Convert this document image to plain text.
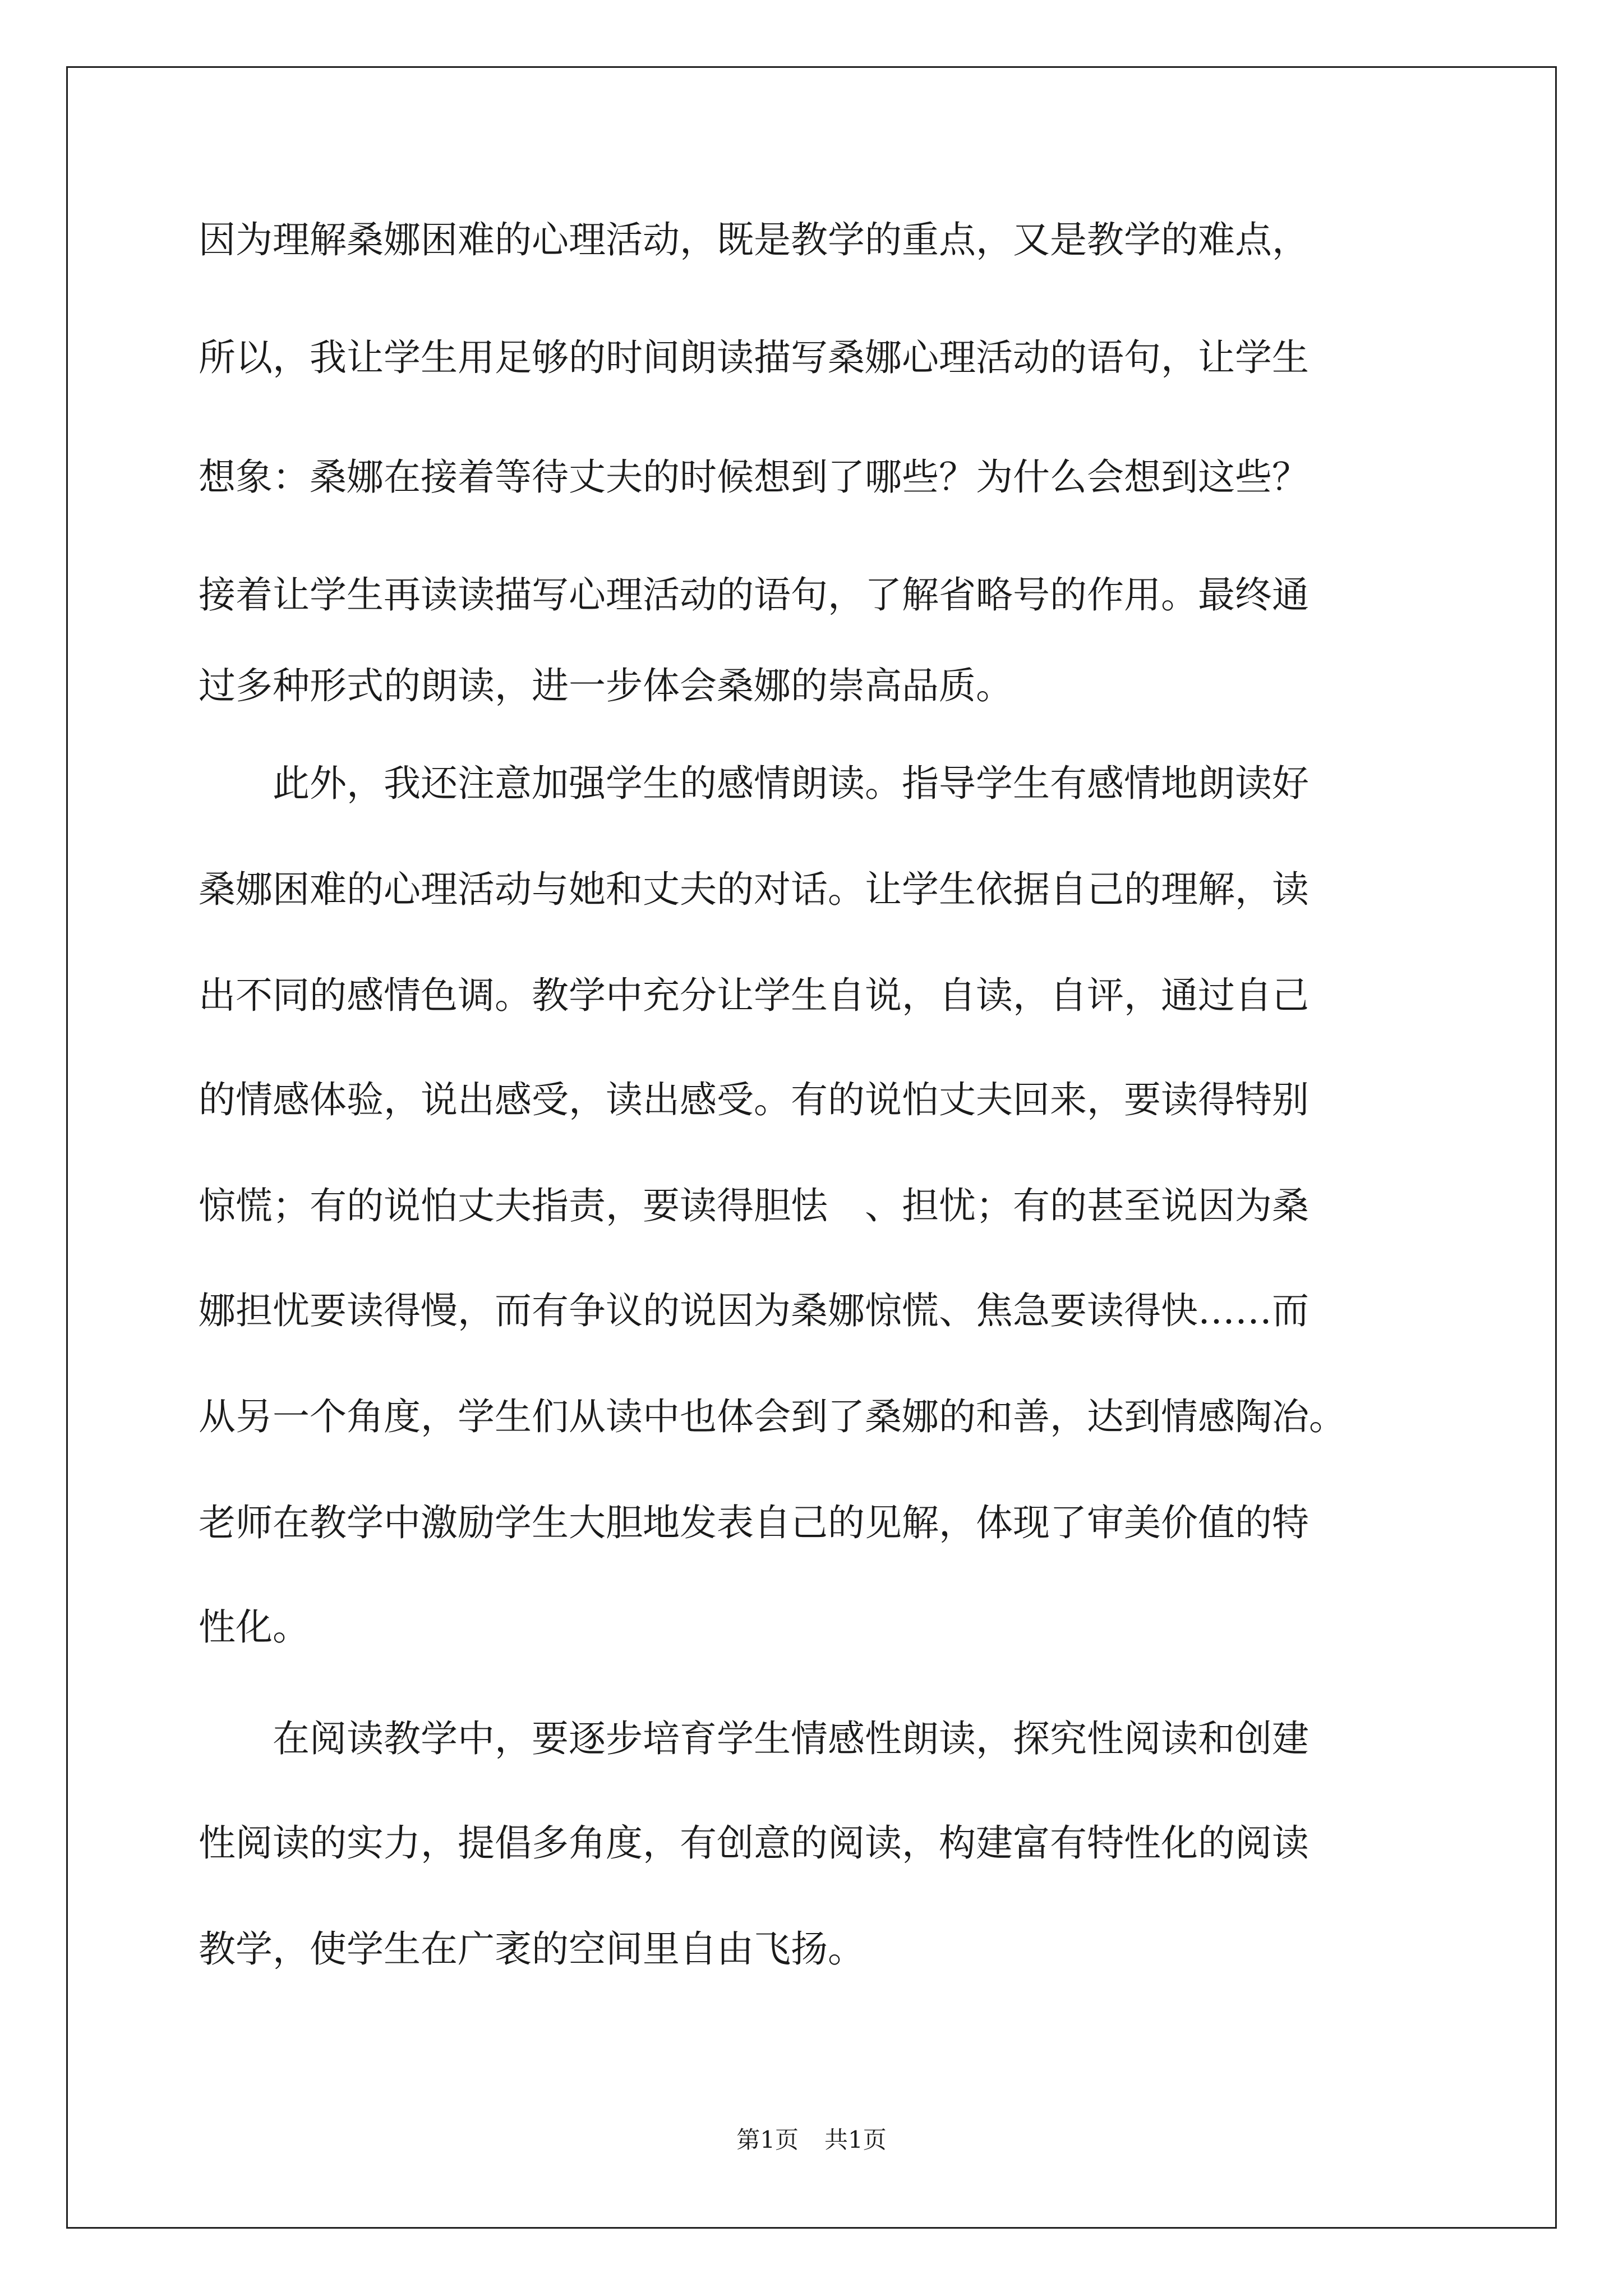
因为理解桑娜困难的心理活动，既是教学的重点，又是教学的难点，
所以，我让学生用足够的时间朗读描写桑娜心理活动的语句，让学生
想象：桑娜在接着等待丈夫的时候想到了哪些？为什么会想到这些？
接着让学生再读读描写心理活动的语句，了解省略号的作用。最终通
过多种形式的朗读，进一步体会桑娜的崇高品质。
　　此外，我还注意加强学生的感情朗读。指导学生有感情地朗读好
桑娜困难的心理活动与她和丈夫的对话。让学生依据自己的理解，读
出不同的感情色调。教学中充分让学生自说，自读，自评，通过自己
的情感体验，说出感受，读出感受。有的说怕丈夫回来，要读得特别
惊慌；有的说怕丈夫指责，要读得胆怯　、担忧；有的甚至说因为桑
娜担忧要读得慢，而有争议的说因为桑娜惊慌、焦急要读得快……而
从另一个角度，学生们从读中也体会到了桑娜的和善，达到情感陶冶。
老师在教学中激励学生大胆地发表自己的见解，体现了审美价值的特
性化。
　　在阅读教学中，要逐步培育学生情感性朗读，探究性阅读和创建
性阅读的实力，提倡多角度，有创意的阅读，构建富有特性化的阅读
教学，使学生在广袤的空间里自由飞扬。
第1页 共1页
